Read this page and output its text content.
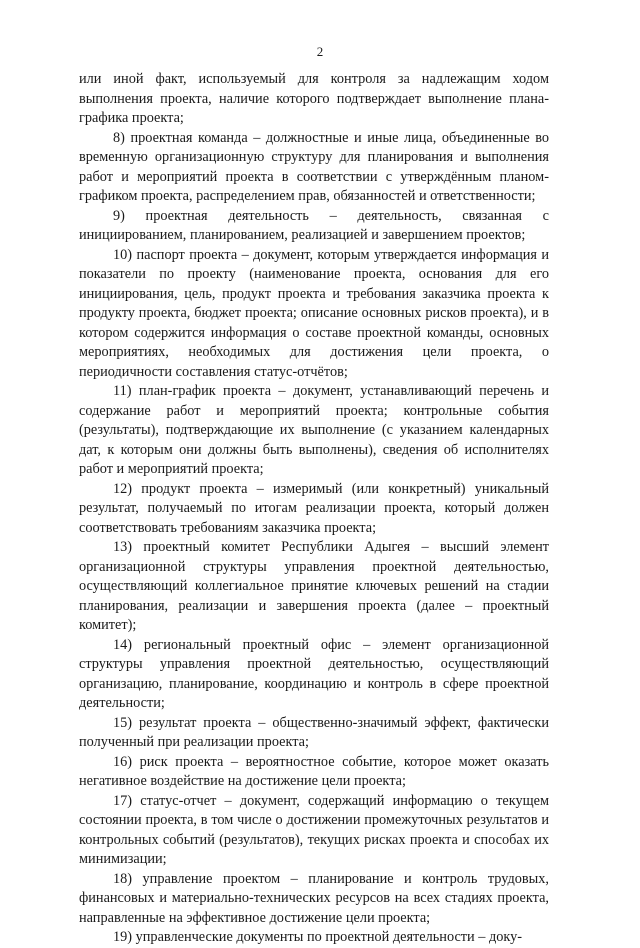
2

или иной факт, используемый для контроля за надлежащим ходом выполнения проекта, наличие которого подтверждает выполнение плана-графика проекта;

8) проектная команда – должностные и иные лица, объединенные во временную организационную структуру для планирования и выполнения работ и мероприятий проекта в соответствии с утверждённым планом-графиком проекта, распределением прав, обязанностей и ответственности;

9) проектная деятельность – деятельность, связанная с инициированием, планированием, реализацией и завершением проектов;

10) паспорт проекта – документ, которым утверждается информация и показатели по проекту (наименование проекта, основания для его инициирования, цель, продукт проекта и требования заказчика проекта к продукту проекта, бюджет проекта; описание основных рисков проекта), и в котором содержится информация о составе проектной команды, основных мероприятиях, необходимых для достижения цели проекта, о периодичности составления статус-отчётов;

11) план-график проекта – документ, устанавливающий перечень и содержание работ и мероприятий проекта; контрольные события (результаты), подтверждающие их выполнение (с указанием календарных дат, к которым они должны быть выполнены), сведения об исполнителях работ и мероприятий проекта;

12) продукт проекта – измеримый (или конкретный) уникальный результат, получаемый по итогам реализации проекта, который должен соответствовать требованиям заказчика проекта;

13) проектный комитет Республики Адыгея – высший элемент организационной структуры управления проектной деятельностью, осуществляющий коллегиальное принятие ключевых решений на стадии планирования, реализации и завершения проекта (далее – проектный комитет);

14) региональный проектный офис – элемент организационной структуры управления проектной деятельностью, осуществляющий организацию, планирование, координацию и контроль в сфере проектной деятельности;

15) результат проекта – общественно-значимый эффект, фактически полученный при реализации проекта;

16) риск проекта – вероятностное событие, которое может оказать негативное воздействие на достижение цели проекта;

17) статус-отчет – документ, содержащий информацию о текущем состоянии проекта, в том числе о достижении промежуточных результатов и контрольных событий (результатов), текущих рисках проекта и способах их минимизации;

18) управление проектом – планирование и контроль трудовых, финансовых и материально-технических ресурсов на всех стадиях проекта, направленные на эффективное достижение цели проекта;

19) управленческие документы по проектной деятельности – доку-
